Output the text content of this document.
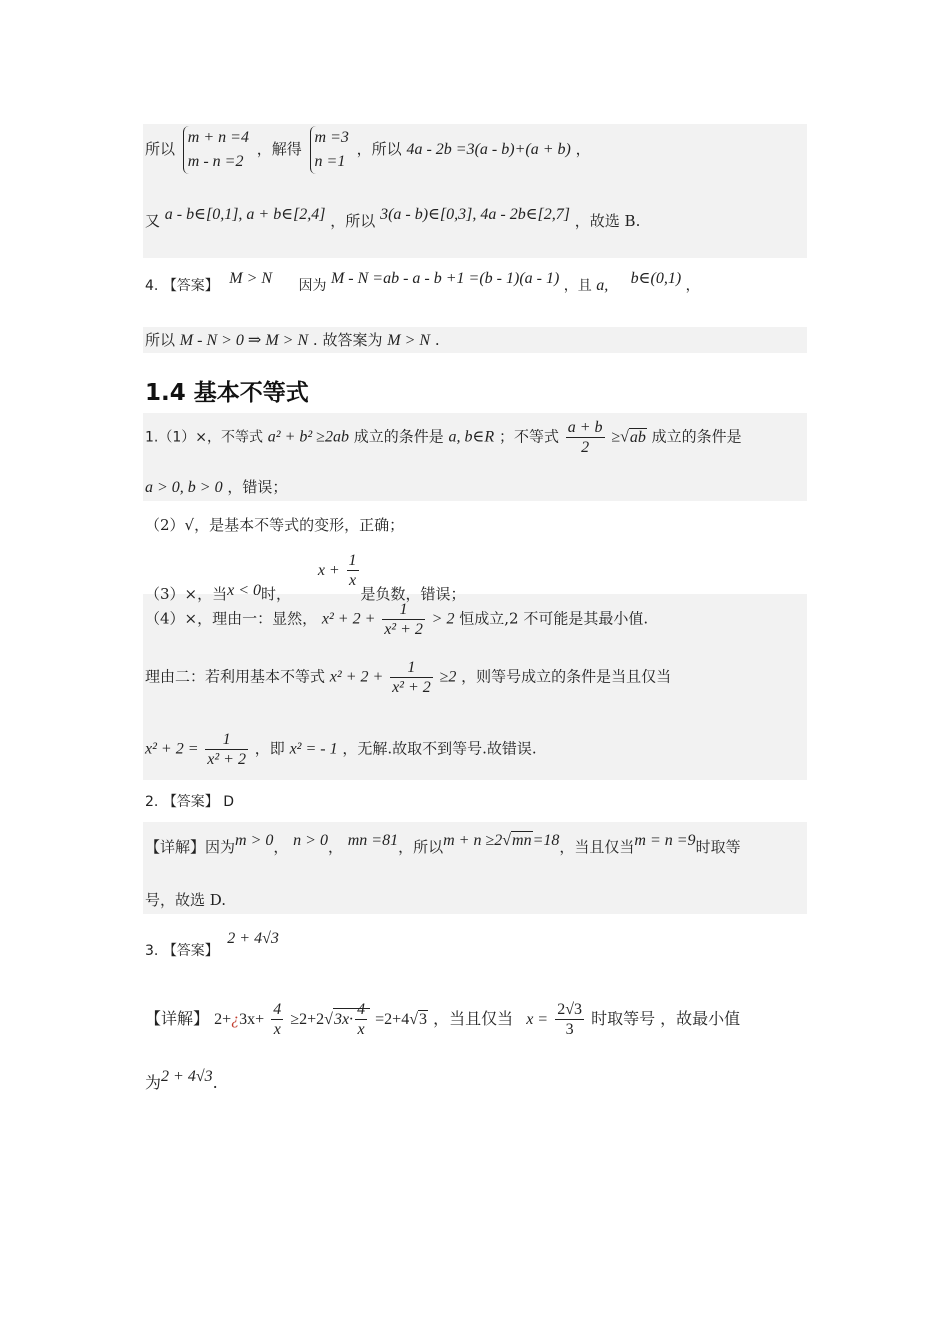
所以
m + n =4
m - n =2
，解得
m =3
n =1
，所以 4a - 2b =3(a - b)+(a + b) ，
又 a - b∈[0,1], a + b∈[2,4] ，所以 3(a - b)∈[0,3], 4a - 2b∈[2,7] ，故选 B.
4. 【答案】 M > N 因为 M - N =ab - a - b +1 =(b - 1)(a - 1) ，且 a, b∈(0,1) ，
所以 M - N > 0 ⇒ M > N . 故答案为 M > N .
1.4 基本不等式
1.（1）×，不等式 a² + b² ≥2ab 成立的条件是 a, b∈R ；不等式 $\frac{a + b}{2} \ge√ab$ 成立的条件是
a > 0, b > 0 ，错误；
（2）√，是基本不等式的变形，正确；
（3）×，当x < 0时， $x + \frac{1}{x}$
是负数，错误；
（4）×，理由一：显然， $x^2 + 2 + \frac{1}{\text{x² + 2}} > 2$ 恒成立,2 不可能是其最小值.
理由二：若利用基本不等式 $x^2 + 2 + \frac{1}{\text{x² + 2}} \ge 2$ ，则等号成立的条件是当且仅当
$x^2 + 2 = \frac{1}{\text{x² + 2}}$ ，即 x² = - 1 ，无解.故取不到等号.故错误.
2. 【答案】 D
【详解】因为m > 0， n > 0， mn =81，所以m + n ≥2√mn=18，当且仅当m = n =9时取等
号，故选 D.
3. 【答案】 2 + 4√3
【详解】 2+¿3x+ $\frac{4}{x} \ge 2+2√3x\cdot \frac{4}{x} =2+4√3$ ，当且仅当 $x = \frac{2√3}{3}$ 时取等号 ，故最小值
为2 + 4√3.
